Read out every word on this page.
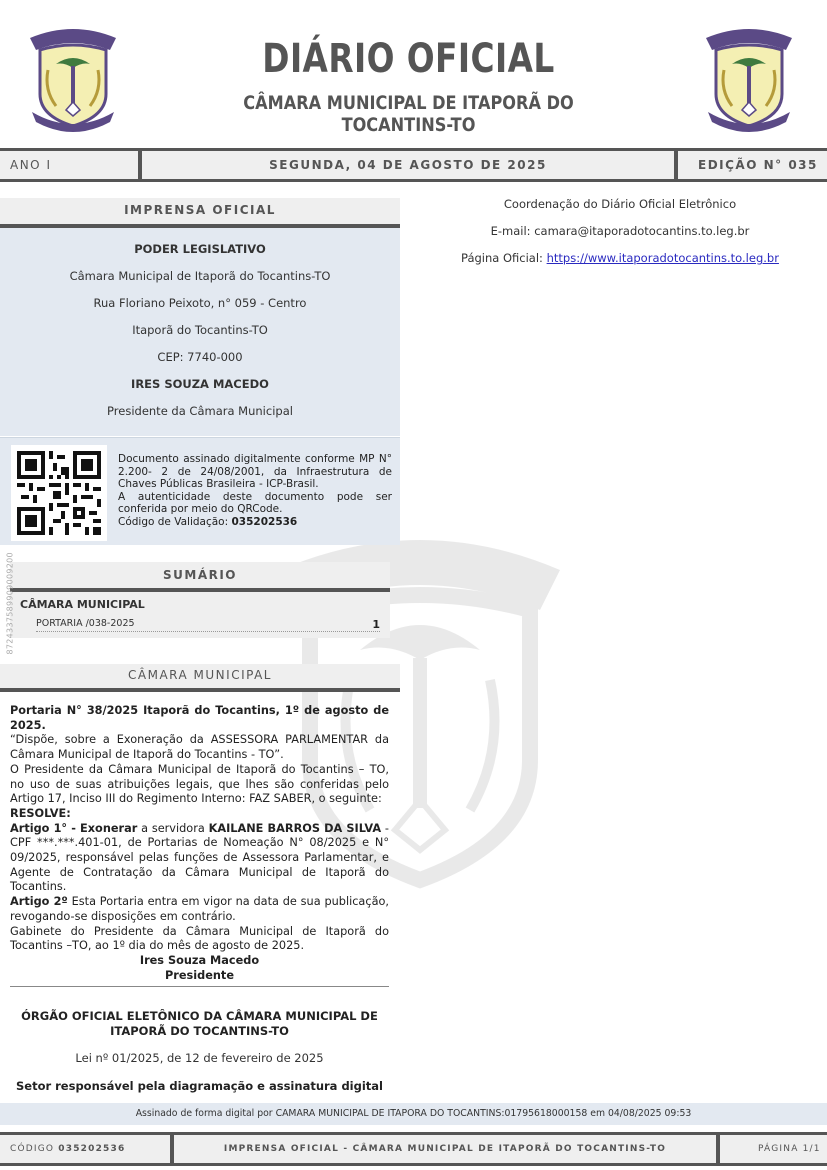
DIÁRIO OFICIAL
CÂMARA MUNICIPAL DE ITAPORÃ DO TOCANTINS-TO
ANO I	SEGUNDA, 04 DE AGOSTO DE 2025	EDIÇÃO N° 035
IMPRENSA OFICIAL

PODER LEGISLATIVO

Câmara Municipal de Itaporã do Tocantins-TO

Rua Floriano Peixoto, n° 059 - Centro

Itaporã do Tocantins-TO

CEP: 7740-000

IRES SOUZA MACEDO

Presidente da Câmara Municipal

Documento assinado digitalmente conforme MP N° 2.200- 2 de 24/08/2001, da Infraestrutura de Chaves Públicas Brasileira - ICP-Brasil.
A autenticidade deste documento pode ser conferida por meio do QRCode.
Código de Validação: 035202536
SUMÁRIO
CÂMARA MUNICIPAL
PORTARIA /038-2025	1
8724337589909009200
CÂMARA MUNICIPAL
Portaria N° 38/2025 Itaporã do Tocantins, 1º de agosto de 2025.
“Dispõe, sobre a Exoneração da ASSESSORA PARLAMENTAR da Câmara Municipal de Itaporã do Tocantins - TO”.
O Presidente da Câmara Municipal de Itaporã do Tocantins – TO, no uso de suas atribuições legais, que lhes são conferidas pelo Artigo 17, Inciso III do Regimento Interno: FAZ SABER, o seguinte:
RESOLVE:
Artigo 1° - Exonerar a servidora KAILANE BARROS DA SILVA - CPF ***.***.401-01, de Portarias de Nomeação N° 08/2025 e N° 09/2025, responsável pelas funções de Assessora Parlamentar, e Agente de Contratação da Câmara Municipal de Itaporã do Tocantins.
Artigo 2º Esta Portaria entra em vigor na data de sua publicação, revogando-se disposições em contrário.
Gabinete do Presidente da Câmara Municipal de Itaporã do Tocantins –TO, ao 1º dia do mês de agosto de 2025.
Ires Souza Macedo
Presidente
ÓRGÃO OFICIAL ELETÔNICO DA CÂMARA MUNICIPAL DE ITAPORÃ DO TOCANTINS-TO
Lei nº 01/2025, de 12 de fevereiro de 2025
Setor responsável pela diagramação e assinatura digital

Coordenação do Diário Oficial Eletrônico

E-mail: camara@itaporadotocantins.to.leg.br

Página Oficial: https://www.itaporadotocantins.to.leg.br

Assinado de forma digital por CAMARA MUNICIPAL DE ITAPORA DO TOCANTINS:01795618000158 em 04/08/2025 09:53
CÓDIGO 035202536	IMPRENSA OFICIAL - CÂMARA MUNICIPAL DE ITAPORÃ DO TOCANTINS-TO	PÁGINA 1/1
